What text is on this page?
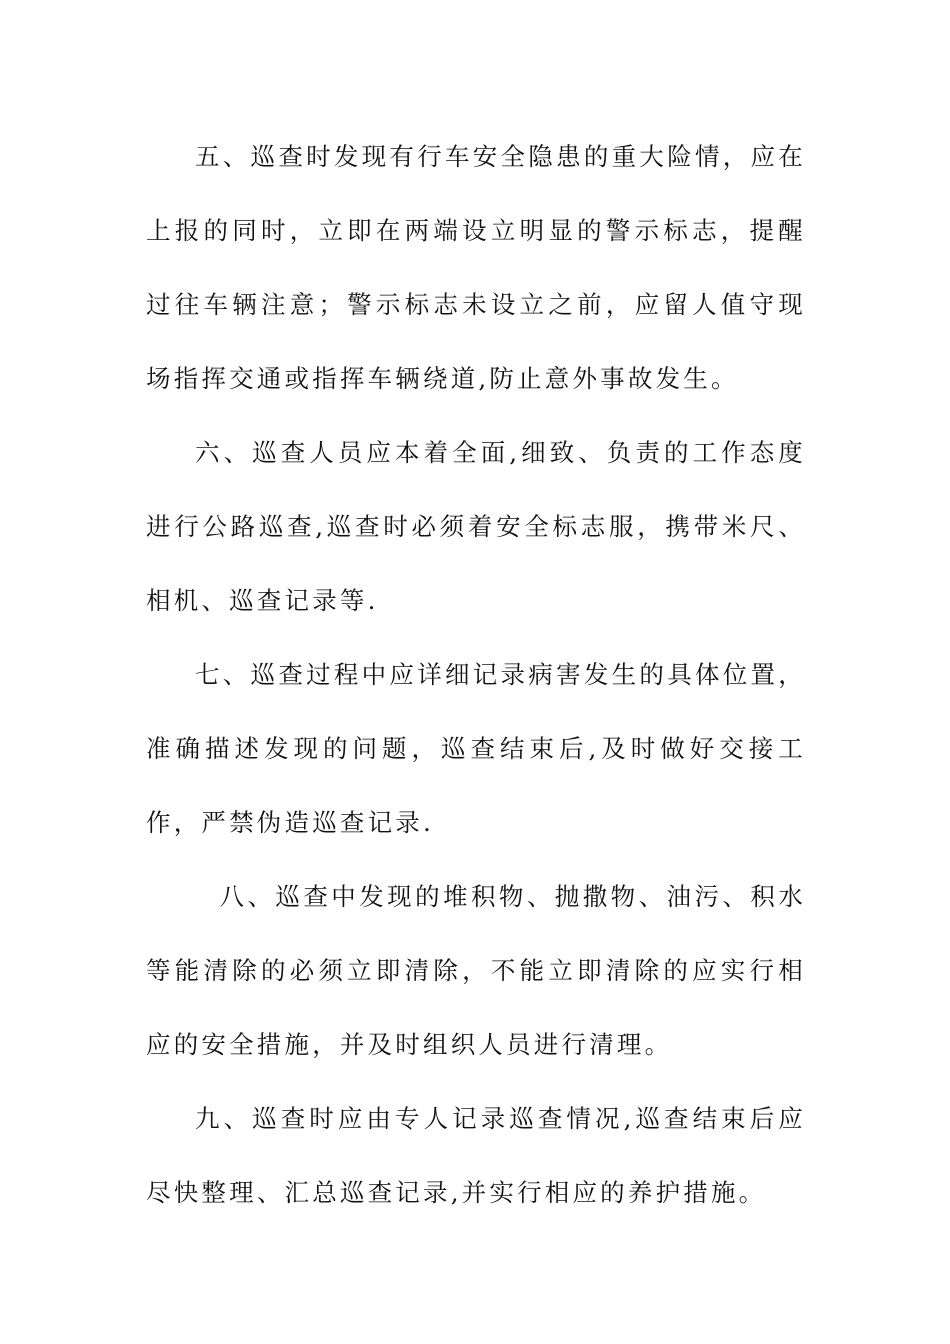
五、巡查时发现有行车安全隐患的重大险情，应在上报的同时，立即在两端设立明显的警示标志，提醒过往车辆注意；警示标志未设立之前，应留人值守现场指挥交通或指挥车辆绕道,防止意外事故发生。

六、巡查人员应本着全面,细致、负责的工作态度进行公路巡查,巡查时必须着安全标志服，携带米尺、相机、巡查记录等.

七、巡查过程中应详细记录病害发生的具体位置，准确描述发现的问题，巡查结束后,及时做好交接工作，严禁伪造巡查记录.

八、巡查中发现的堆积物、抛撒物、油污、积水等能清除的必须立即清除，不能立即清除的应实行相应的安全措施，并及时组织人员进行清理。

九、巡查时应由专人记录巡查情况,巡查结束后应尽快整理、汇总巡查记录,并实行相应的养护措施。
